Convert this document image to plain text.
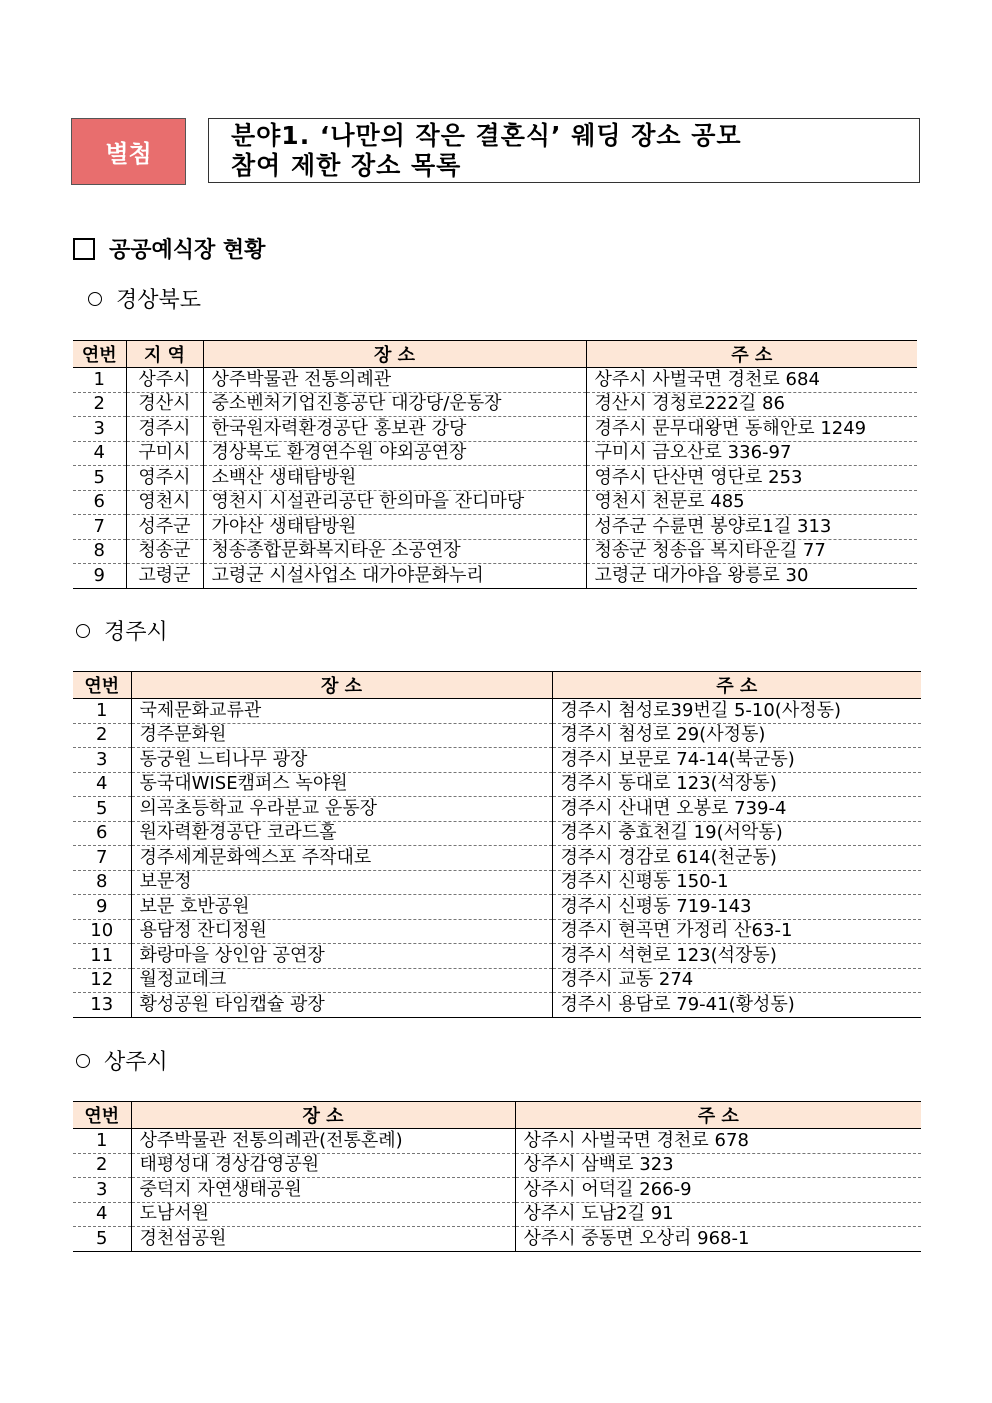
별첨
분야1. ‘나만의 작은 결혼식’ 웨딩 장소 공모
참여 제한 장소 목록
공공예식장 현황
경상북도
연번	지 역	장 소	주 소
1	상주시	상주박물관 전통의례관	상주시 사벌국면 경천로 684
2	경산시	중소벤처기업진흥공단 대강당/운동장	경산시 경청로222길 86
3	경주시	한국원자력환경공단 홍보관 강당	경주시 문무대왕면 동해안로 1249
4	구미시	경상북도 환경연수원 야외공연장	구미시 금오산로 336-97
5	영주시	소백산 생태탐방원	영주시 단산면 영단로 253
6	영천시	영천시 시설관리공단 한의마을 잔디마당	영천시 천문로 485
7	성주군	가야산 생태탐방원	성주군 수륜면 봉양로1길 313
8	청송군	청송종합문화복지타운 소공연장	청송군 청송읍 복지타운길 77
9	고령군	고령군 시설사업소 대가야문화누리	고령군 대가야읍 왕릉로 30
경주시
연번	장 소	주 소
1	국제문화교류관	경주시 첨성로39번길 5-10(사정동)
2	경주문화원	경주시 첨성로 29(사정동)
3	동궁원 느티나무 광장	경주시 보문로 74-14(북군동)
4	동국대WISE캠퍼스 녹야원	경주시 동대로 123(석장동)
5	의곡초등학교 우라분교 운동장	경주시 산내면 오봉로 739-4
6	원자력환경공단 코라드홀	경주시 충효천길 19(서악동)
7	경주세계문화엑스포 주작대로	경주시 경감로 614(천군동)
8	보문정	경주시 신평동 150-1
9	보문 호반공원	경주시 신평동 719-143
10	용담정 잔디정원	경주시 현곡면 가정리 산63-1
11	화랑마을 상인암 공연장	경주시 석현로 123(석장동)
12	월정교데크	경주시 교동 274
13	황성공원 타임캡슐 광장	경주시 용담로 79-41(황성동)
상주시
연번	장 소	주 소
1	상주박물관 전통의례관(전통혼례)	상주시 사벌국면 경천로 678
2	태평성대 경상감영공원	상주시 삼백로 323
3	중덕지 자연생태공원	상주시 어덕길 266-9
4	도남서원	상주시 도남2길 91
5	경천섬공원	상주시 중동면 오상리 968-1
